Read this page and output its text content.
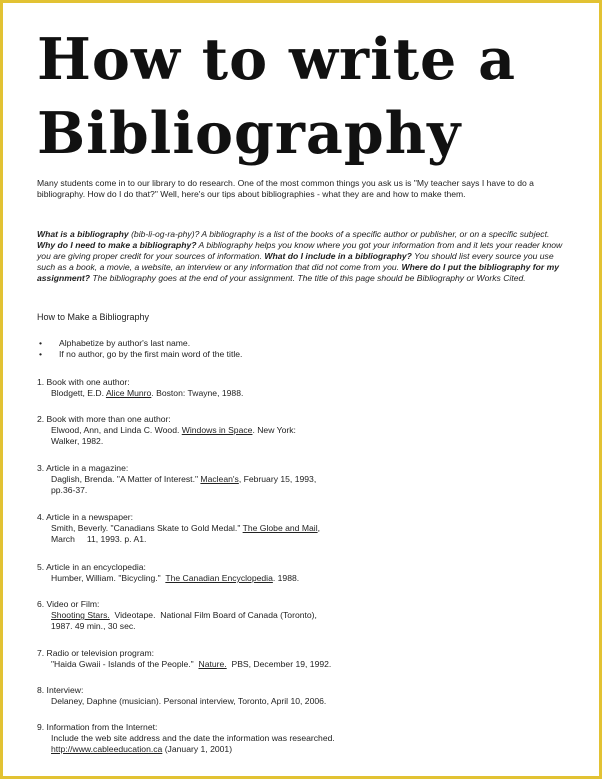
How to write a
Bibliography

Many students come in to our library to do research. One of the most common things you ask us is "My teacher says I have to do a bibliography. How do I do that?" Well, here's our tips about bibliographies - what they are and how to make them.

What is a bibliography (bib-li-og-ra-phy)? A bibliography is a list of the books of a specific author or publisher, or on a specific subject. Why do I need to make a bibliography? A bibliography helps you know where you got your information from and it lets your reader know you are giving proper credit for your sources of information. What do I include in a bibliography? You should list every source you use such as a book, a movie, a website, an interview or any information that did not come from you. Where do I put the bibliography for my assignment? The bibliography goes at the end of your assignment. The title of this page should be Bibliography or Works Cited.

How to Make a Bibliography

• Alphabetize by author's last name.
• If no author, go by the first main word of the title.
1. Book with one author:
Blodgett, E.D. Alice Munro. Boston: Twayne, 1988.
2. Book with more than one author:
Elwood, Ann, and Linda C. Wood. Windows in Space. New York:
Walker, 1982.
3. Article in a magazine:
Daglish, Brenda. "A Matter of Interest." Maclean's, February 15, 1993,
pp.36-37.
4. Article in a newspaper:
Smith, Beverly. "Canadians Skate to Gold Medal." The Globe and Mail,
March     11, 1993. p. A1.
5. Article in an encyclopedia:
Humber, William. "Bicycling."  The Canadian Encyclopedia. 1988.
6. Video or Film:
Shooting Stars.  Videotape.  National Film Board of Canada (Toronto),
1987. 49 min., 30 sec.
7. Radio or television program:
"Haida Gwaii - Islands of the People."  Nature.  PBS, December 19, 1992.
8. Interview:
Delaney, Daphne (musician). Personal interview, Toronto, April 10, 2006.
9. Information from the Internet:
Include the web site address and the date the information was researched.
http://www.cableeducation.ca (January 1, 2001)
